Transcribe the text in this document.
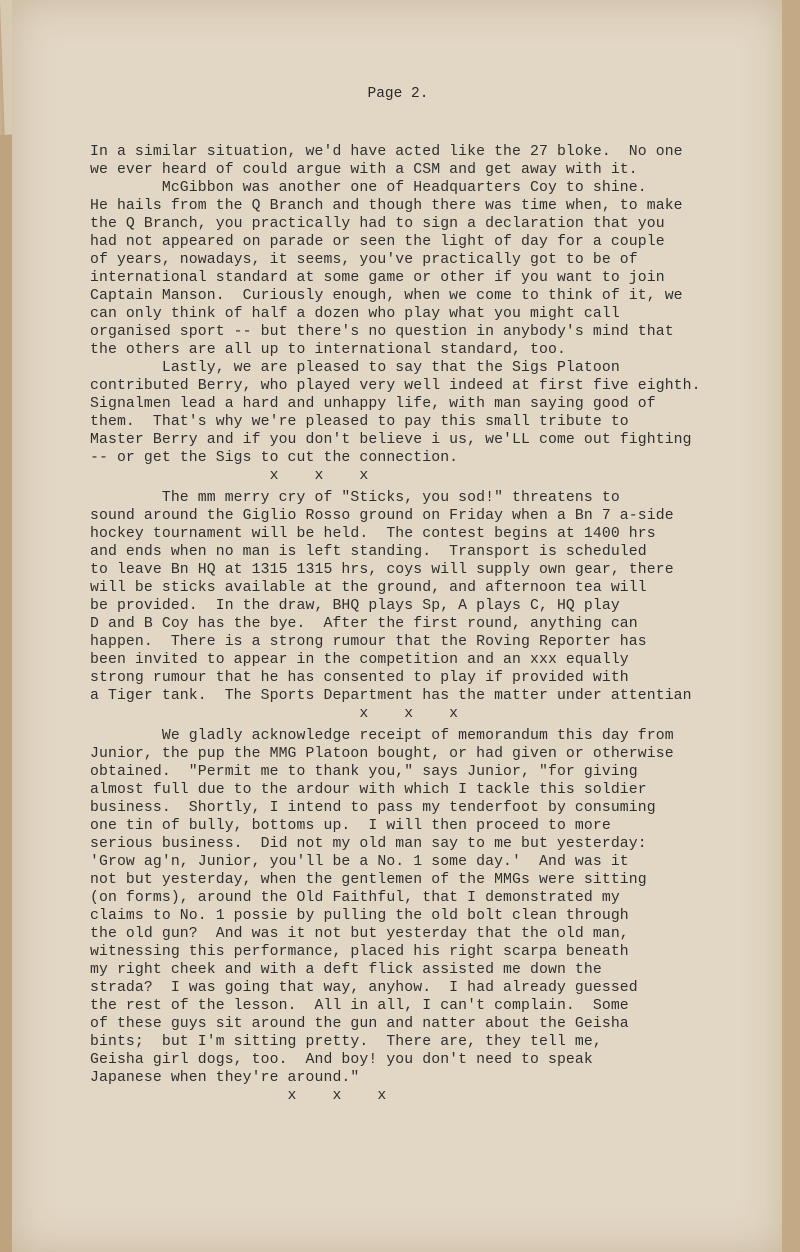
Page 2.
In a similar situation, we'd have acted like the 27 bloke.  No one
we ever heard of could argue with a CSM and get away with it.
McGibbon was another one of Headquarters Coy to shine.
He hails from the Q Branch and though there was time when, to make
the Q Branch, you practically had to sign a declaration that you
had not appeared on parade or seen the light of day for a couple
of years, nowadays, it seems, you've practically got to be of
international standard at some game or other if you want to join
Captain Manson.  Curiously enough, when we come to think of it, we
can only think of half a dozen who play what you might call
organised sport -- but there's no question in anybody's mind that
the others are all up to international standard, too.
Lastly, we are pleased to say that the Sigs Platoon
contributed Berry, who played very well indeed at first five eighth.
Signalmen lead a hard and unhappy life, with man saying good of
them.  That's why we're pleased to pay this small tribute to
Master Berry and if you don't believe i us, we'LL come out fighting
-- or get the Sigs to cut the connection.
x    x    x
The mm merry cry of "Sticks, you sod!" threatens to
sound around the Giglio Rosso ground on Friday when a Bn 7 a-side
hockey tournament will be held.  The contest begins at 1400 hrs
and ends when no man is left standing.  Transport is scheduled
to leave Bn HQ at 1315 1315 hrs, coys will supply own gear, there
will be sticks available at the ground, and afternoon tea will
be provided.  In the draw, BHQ plays Sp, A plays C, HQ play
D and B Coy has the bye.  After the first round, anything can
happen.  There is a strong rumour that the Roving Reporter has
been invited to appear in the competition and an xxx equally
strong rumour that he has consented to play if provided with
a Tiger tank.  The Sports Department has the matter under attentian
x    x    x
We gladly acknowledge receipt of memorandum this day from
Junior, the pup the MMG Platoon bought, or had given or otherwise
obtained.  "Permit me to thank you," says Junior, "for giving
almost full due to the ardour with which I tackle this soldier
business.  Shortly, I intend to pass my tenderfoot by consuming
one tin of bully, bottoms up.  I will then proceed to more
serious business.  Did not my old man say to me but yesterday:
'Grow ag'n, Junior, you'll be a No. 1 some day.'  And was it
not but yesterday, when the gentlemen of the MMGs were sitting
(on forms), around the Old Faithful, that I demonstrated my
claims to No. 1 possie by pulling the old bolt clean through
the old gun?  And was it not but yesterday that the old man,
witnessing this performance, placed his right scarpa beneath
my right cheek and with a deft flick assisted me down the
strada?  I was going that way, anyhow.  I had already guessed
the rest of the lesson.  All in all, I can't complain.  Some
of these guys sit around the gun and natter about the Geisha
bints;  but I'm sitting pretty.  There are, they tell me,
Geisha girl dogs, too.  And boy! you don't need to speak
Japanese when they're around."
x    x    x
